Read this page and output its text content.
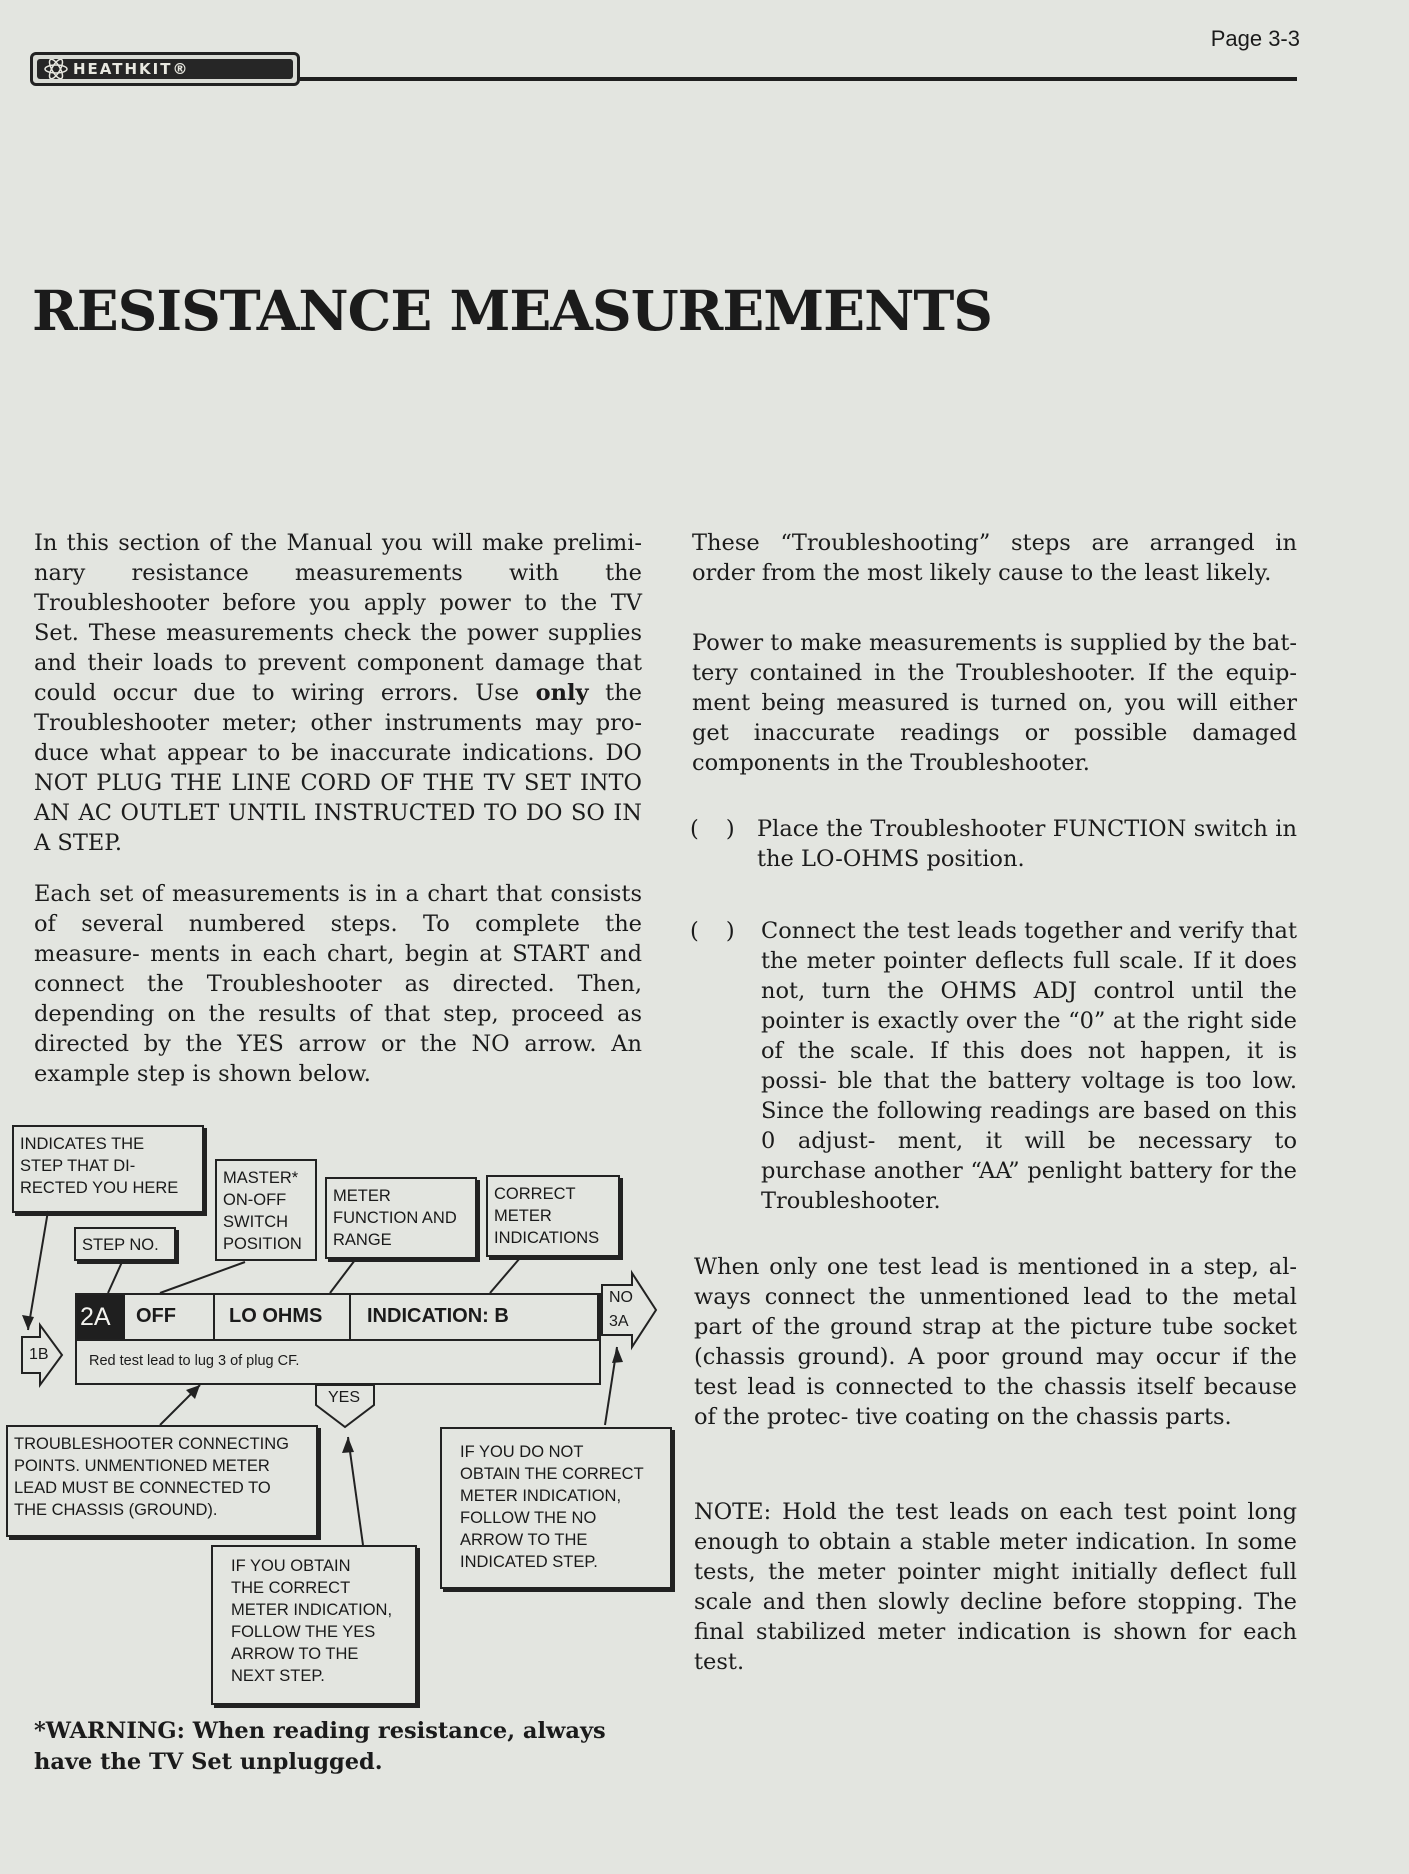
Page 3-3
HEATHKIT®
RESISTANCE MEASUREMENTS

In this section of the Manual you will make prelimi- nary resistance measurements with the Troubleshooter before you apply power to the TV Set. These measurements check the power supplies and their loads to prevent component damage that could occur due to wiring errors. Use only the Troubleshooter meter; other instruments may pro- duce what appear to be inaccurate indications. DO NOT PLUG THE LINE CORD OF THE TV SET INTO AN AC OUTLET UNTIL INSTRUCTED TO DO SO IN A STEP.

Each set of measurements is in a chart that consists of several numbered steps. To complete the measure- ments in each chart, begin at START and connect the Troubleshooter as directed. Then, depending on the results of that step, proceed as directed by the YES arrow or the NO arrow. An example step is shown below.

INDICATES THE
STEP THAT DI-
RECTED YOU HERE
MASTER*
ON-OFF
SWITCH
POSITION
METER
FUNCTION AND
RANGE
CORRECT
METER
INDICATIONS
STEP NO.
2A OFF	LO OHMS INDICATION: B
Red test lead to lug 3 of plug CF.
1B
NO
3A
YES
TROUBLESHOOTER CONNECTING
POINTS. UNMENTIONED METER
LEAD MUST BE CONNECTED TO
THE CHASSIS (GROUND).
IF YOU DO NOT
OBTAIN THE CORRECT
METER INDICATION,
FOLLOW THE NO
ARROW TO THE
INDICATED STEP.
IF YOU OBTAIN
THE CORRECT
METER INDICATION,
FOLLOW THE YES
ARROW TO THE
NEXT STEP.

*WARNING: When reading resistance, always have the TV Set unplugged.

These “Troubleshooting” steps are arranged in order from the most likely cause to the least likely.

Power to make measurements is supplied by the bat- tery contained in the Troubleshooter. If the equip- ment being measured is turned on, you will either get inaccurate readings or possible damaged components in the Troubleshooter.

( ) Place the Troubleshooter FUNCTION switch in the LO-OHMS position.

( ) Connect the test leads together and verify that the meter pointer deflects full scale. If it does not, turn the OHMS ADJ control until the pointer is exactly over the “0” at the right side of the scale. If this does not happen, it is possi- ble that the battery voltage is too low. Since the following readings are based on this 0 adjust- ment, it will be necessary to purchase another “AA” penlight battery for the Troubleshooter.

When only one test lead is mentioned in a step, al- ways connect the unmentioned lead to the metal part of the ground strap at the picture tube socket (chassis ground). A poor ground may occur if the test lead is connected to the chassis itself because of the protec- tive coating on the chassis parts.

NOTE: Hold the test leads on each test point long enough to obtain a stable meter indication. In some tests, the meter pointer might initially deflect full scale and then slowly decline before stopping. The final stabilized meter indication is shown for each test.
